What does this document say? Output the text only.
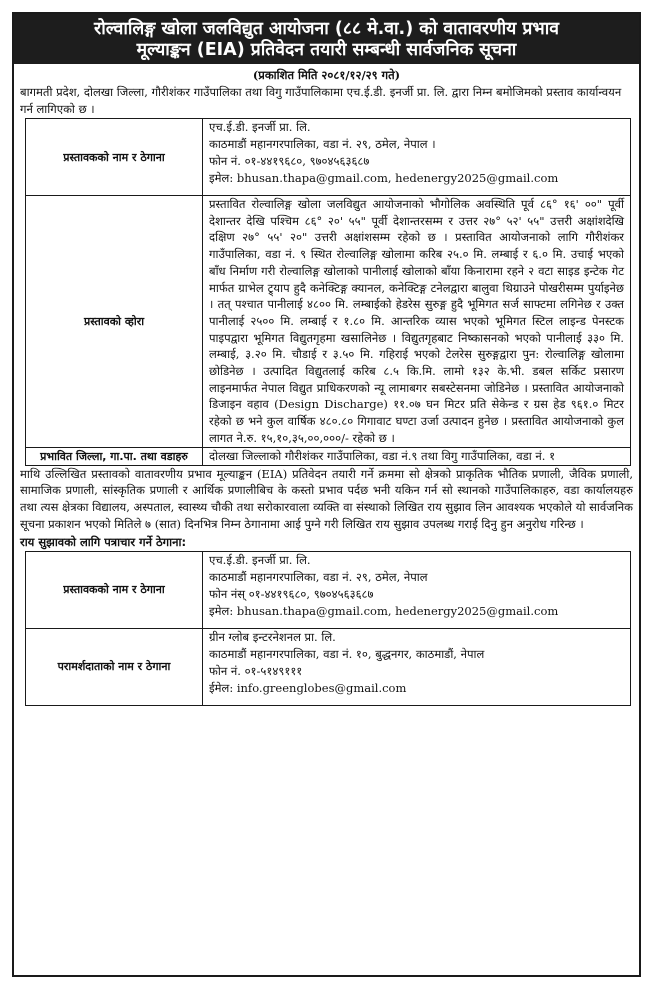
रोल्वालिङ्ग खोला जलविद्युत आयोजना (८८ मे.वा.) को वातावरणीय प्रभाव
मूल्याङ्कन (EIA) प्रतिवेदन तयारी सम्बन्धी सार्वजनिक सूचना
(प्रकाशित मिति २०८१/१२/२९ गते)
बागमती प्रदेश, दोलखा जिल्ला, गौरीशंकर गाउँपालिका तथा विगु गाउँपालिकामा एच.ई.डी. इनर्जी प्रा. लि. द्वारा निम्न बमोजिमको प्रस्ताव कार्यान्वयन गर्न लागिएको छ ।
प्रस्तावकको नाम र ठेगाना	एच.ई.डी. इनर्जी प्रा. लि.
काठमाडौं महानगरपालिका, वडा नं. २९, ठमेल, नेपाल ।
फोन नं. ०१-४४१९६८०, ९७०४५६३६८७
इमेल: bhusan.thapa@gmail.com, hedenergy2025@gmail.com

प्रस्तावको व्होरा	प्रस्तावित रोल्वालिङ्ग खोला जलविद्युत आयोजनाको भौगोलिक अवस्थिति पूर्व ८६° १६' ००" पूर्वी देशान्तर देखि पश्चिम ८६° २०' ५५" पूर्वी देशान्तरसम्म र उत्तर २७° ५२' ५५" उत्तरी अक्षांशदेखि दक्षिण २७° ५५' २०" उत्तरी अक्षांशसम्म रहेको छ । प्रस्तावित आयोजनाको लागि गौरीशंकर गाउँपालिका, वडा नं. ९ स्थित रोल्वालिङ्ग खोलामा करिब २५.० मि. लम्बाई र ६.० मि. उचाई भएको बाँध निर्माण गरी रोल्वालिङ्ग खोलाको पानीलाई खोलाको बाँया किनारामा रहने २ वटा साइड इन्टेक गेट मार्फत ग्राभेल ट्र्याप हुदै कनेक्टिङ्ग क्यानल, कनेक्टिङ्ग टनेलद्वारा बालुवा थिग्राउने पोखरीसम्म पुर्याइनेछ । तत् पश्चात पानीलाई ४८०० मि. लम्बाईको हेडरेस सुरुङ्ग हुदै भूमिगत सर्ज साफ्टमा लगिनेछ र उक्त पानीलाई २५०० मि. लम्बाई र १.८० मि. आन्तरिक व्यास भएको भूमिगत स्टिल लाइन्ड पेनस्टक पाइपद्वारा भूमिगत विद्युतगृहमा खसालिनेछ । विद्युतगृहबाट निष्कासनको भएको पानीलाई ३३० मि. लम्बाई, ३.२० मि. चौडाई र ३.५० मि. गहिराई भएको टेलरेस सुरुङ्गद्वारा पुन: रोल्वालिङ्ग खोलामा छोडिनेछ । उत्पादित विद्युतलाई करिब ८.५ कि.मि. लामो १३२ के.भी. डबल सर्किट प्रसारण लाइनमार्फत नेपाल विद्युत प्राधिकरणको न्यू लामाबगर सबस्टेसनमा जोडिनेछ । प्रस्तावित आयोजनाको डिजाइन वहाव (Design Discharge) ११.०७ घन मिटर प्रति सेकेन्ड र ग्रस हेड ९६१.० मिटर रहेको छ भने कुल वार्षिक ४८०.८० गिगावाट घण्टा उर्जा उत्पादन हुनेछ । प्रस्तावित आयोजनाको कुल लागत ने.रु. १५,१०,३५,००,०००/- रहेको छ ।
प्रभावित जिल्ला, गा.पा. तथा वडाहरु	दोलखा जिल्लाको गौरीशंकर गाउँपालिका, वडा नं.९ तथा विगु गाउँपालिका, वडा नं. १
माथि उल्लिखित प्रस्तावको वातावरणीय प्रभाव मूल्याङ्कन (EIA) प्रतिवेदन तयारी गर्ने क्रममा सो क्षेत्रको प्राकृतिक भौतिक प्रणाली, जैविक प्रणाली, सामाजिक प्रणाली, सांस्कृतिक प्रणाली र आर्थिक प्रणालीबिच के कस्तो प्रभाव पर्दछ भनी यकिन गर्न सो स्थानको गाउँपालिकाहरु, वडा कार्यालयहरु तथा त्यस क्षेत्रका विद्यालय, अस्पताल, स्वास्थ्य चौकी तथा सरोकारवाला व्यक्ति वा संस्थाको लिखित राय सुझाव लिन आवश्यक भएकोले यो सार्वजनिक सूचना प्रकाशन भएको मितिले ७ (सात) दिनभित्र निम्न ठेगानामा आई पुग्ने गरी लिखित राय सुझाव उपलब्ध गराई दिनु हुन अनुरोध गरिन्छ ।
राय सुझावको लागि पत्राचार गर्ने ठेगाना:
प्रस्तावकको नाम र ठेगाना	एच.ई.डी. इनर्जी प्रा. लि.
काठमाडौं महानगरपालिका, वडा नं. २९, ठमेल, नेपाल
फोन नंस् ०१-४४१९६८०, ९७०४५६३६८७
इमेल: bhusan.thapa@gmail.com, hedenergy2025@gmail.com

परामर्शदाताको नाम र ठेगाना	ग्रीन ग्लोब इन्टरनेशनल प्रा. लि.
काठमाडौं महानगरपालिका, वडा नं. १०, बुद्धनगर, काठमाडौं, नेपाल
फोन नं. ०१-५१४९१११
ईमेल: info.greenglobes@gmail.com
